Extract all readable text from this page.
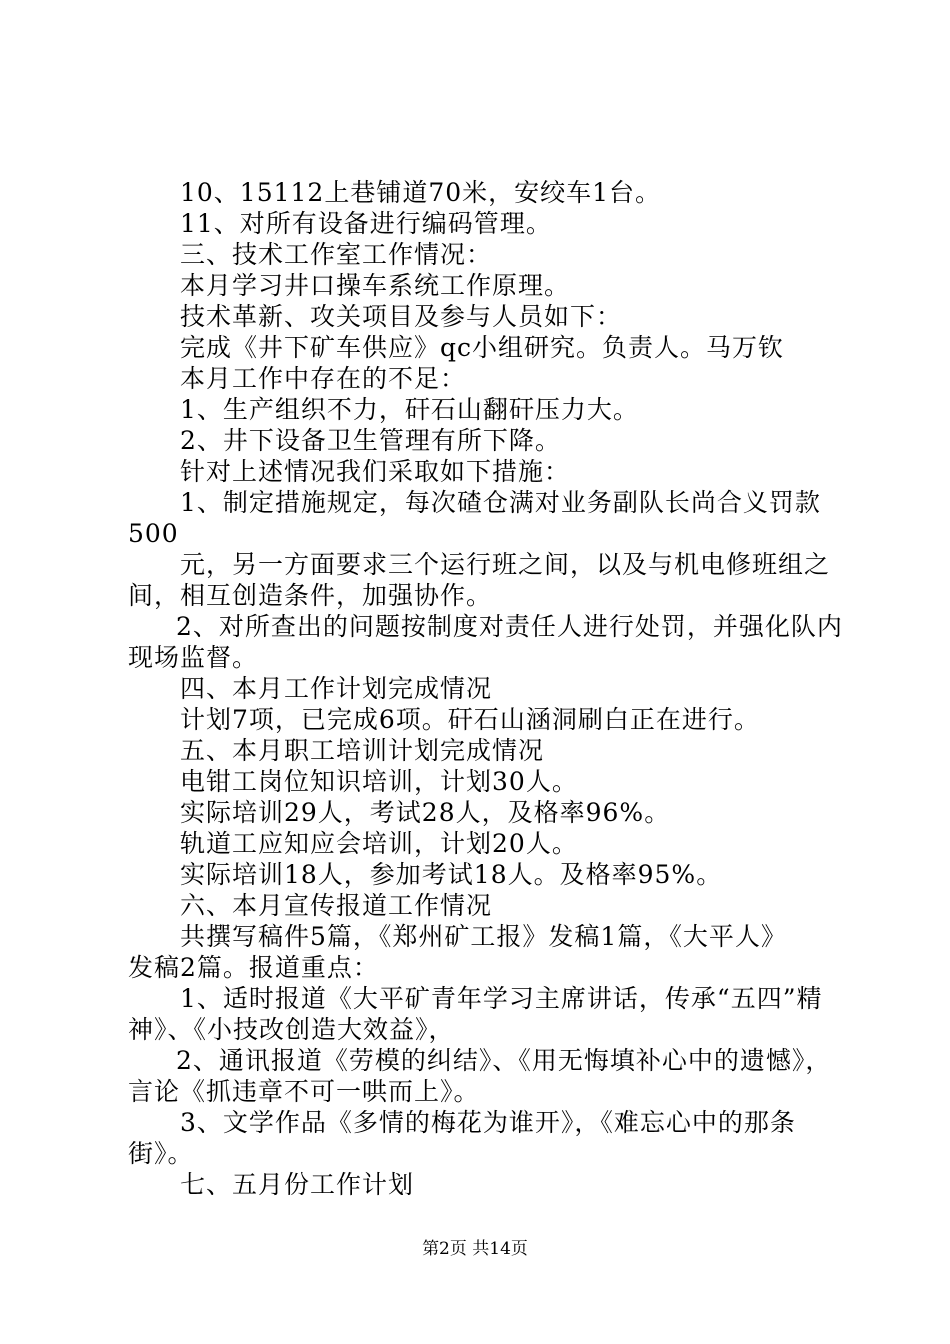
10、15112上巷铺道70米，安绞车1台。
11、对所有设备进行编码管理。
三、技术工作室工作情况：
本月学习井口操车系统工作原理。
技术革新、攻关项目及参与人员如下：
完成《井下矿车供应》qc小组研究。负责人。马万钦
本月工作中存在的不足：
1、生产组织不力，矸石山翻矸压力大。
2、井下设备卫生管理有所下降。
针对上述情况我们采取如下措施：
1、制定措施规定，每次碴仓满对业务副队长尚合义罚款
500
元，另一方面要求三个运行班之间，以及与机电修班组之
间，相互创造条件，加强协作。
2、对所查出的问题按制度对责任人进行处罚，并强化队内
现场监督。
四、本月工作计划完成情况
计划7项，已完成6项。矸石山涵洞刷白正在进行。
五、本月职工培训计划完成情况
电钳工岗位知识培训，计划30人。
实际培训29人，考试28人，及格率96%。
轨道工应知应会培训，计划20人。
实际培训18人，参加考试18人。及格率95%。
六、本月宣传报道工作情况
共撰写稿件5篇，《郑州矿工报》发稿1篇，《大平人》
发稿2篇。报道重点：
1、适时报道《大平矿青年学习主席讲话，传承“五四”精
神》、《小技改创造大效益》，
2、通讯报道《劳模的纠结》、《用无悔填补心中的遗憾》，
言论《抓违章不可一哄而上》。
3、文学作品《多情的梅花为谁开》，《难忘心中的那条
街》。
七、五月份工作计划
第2页 共14页
